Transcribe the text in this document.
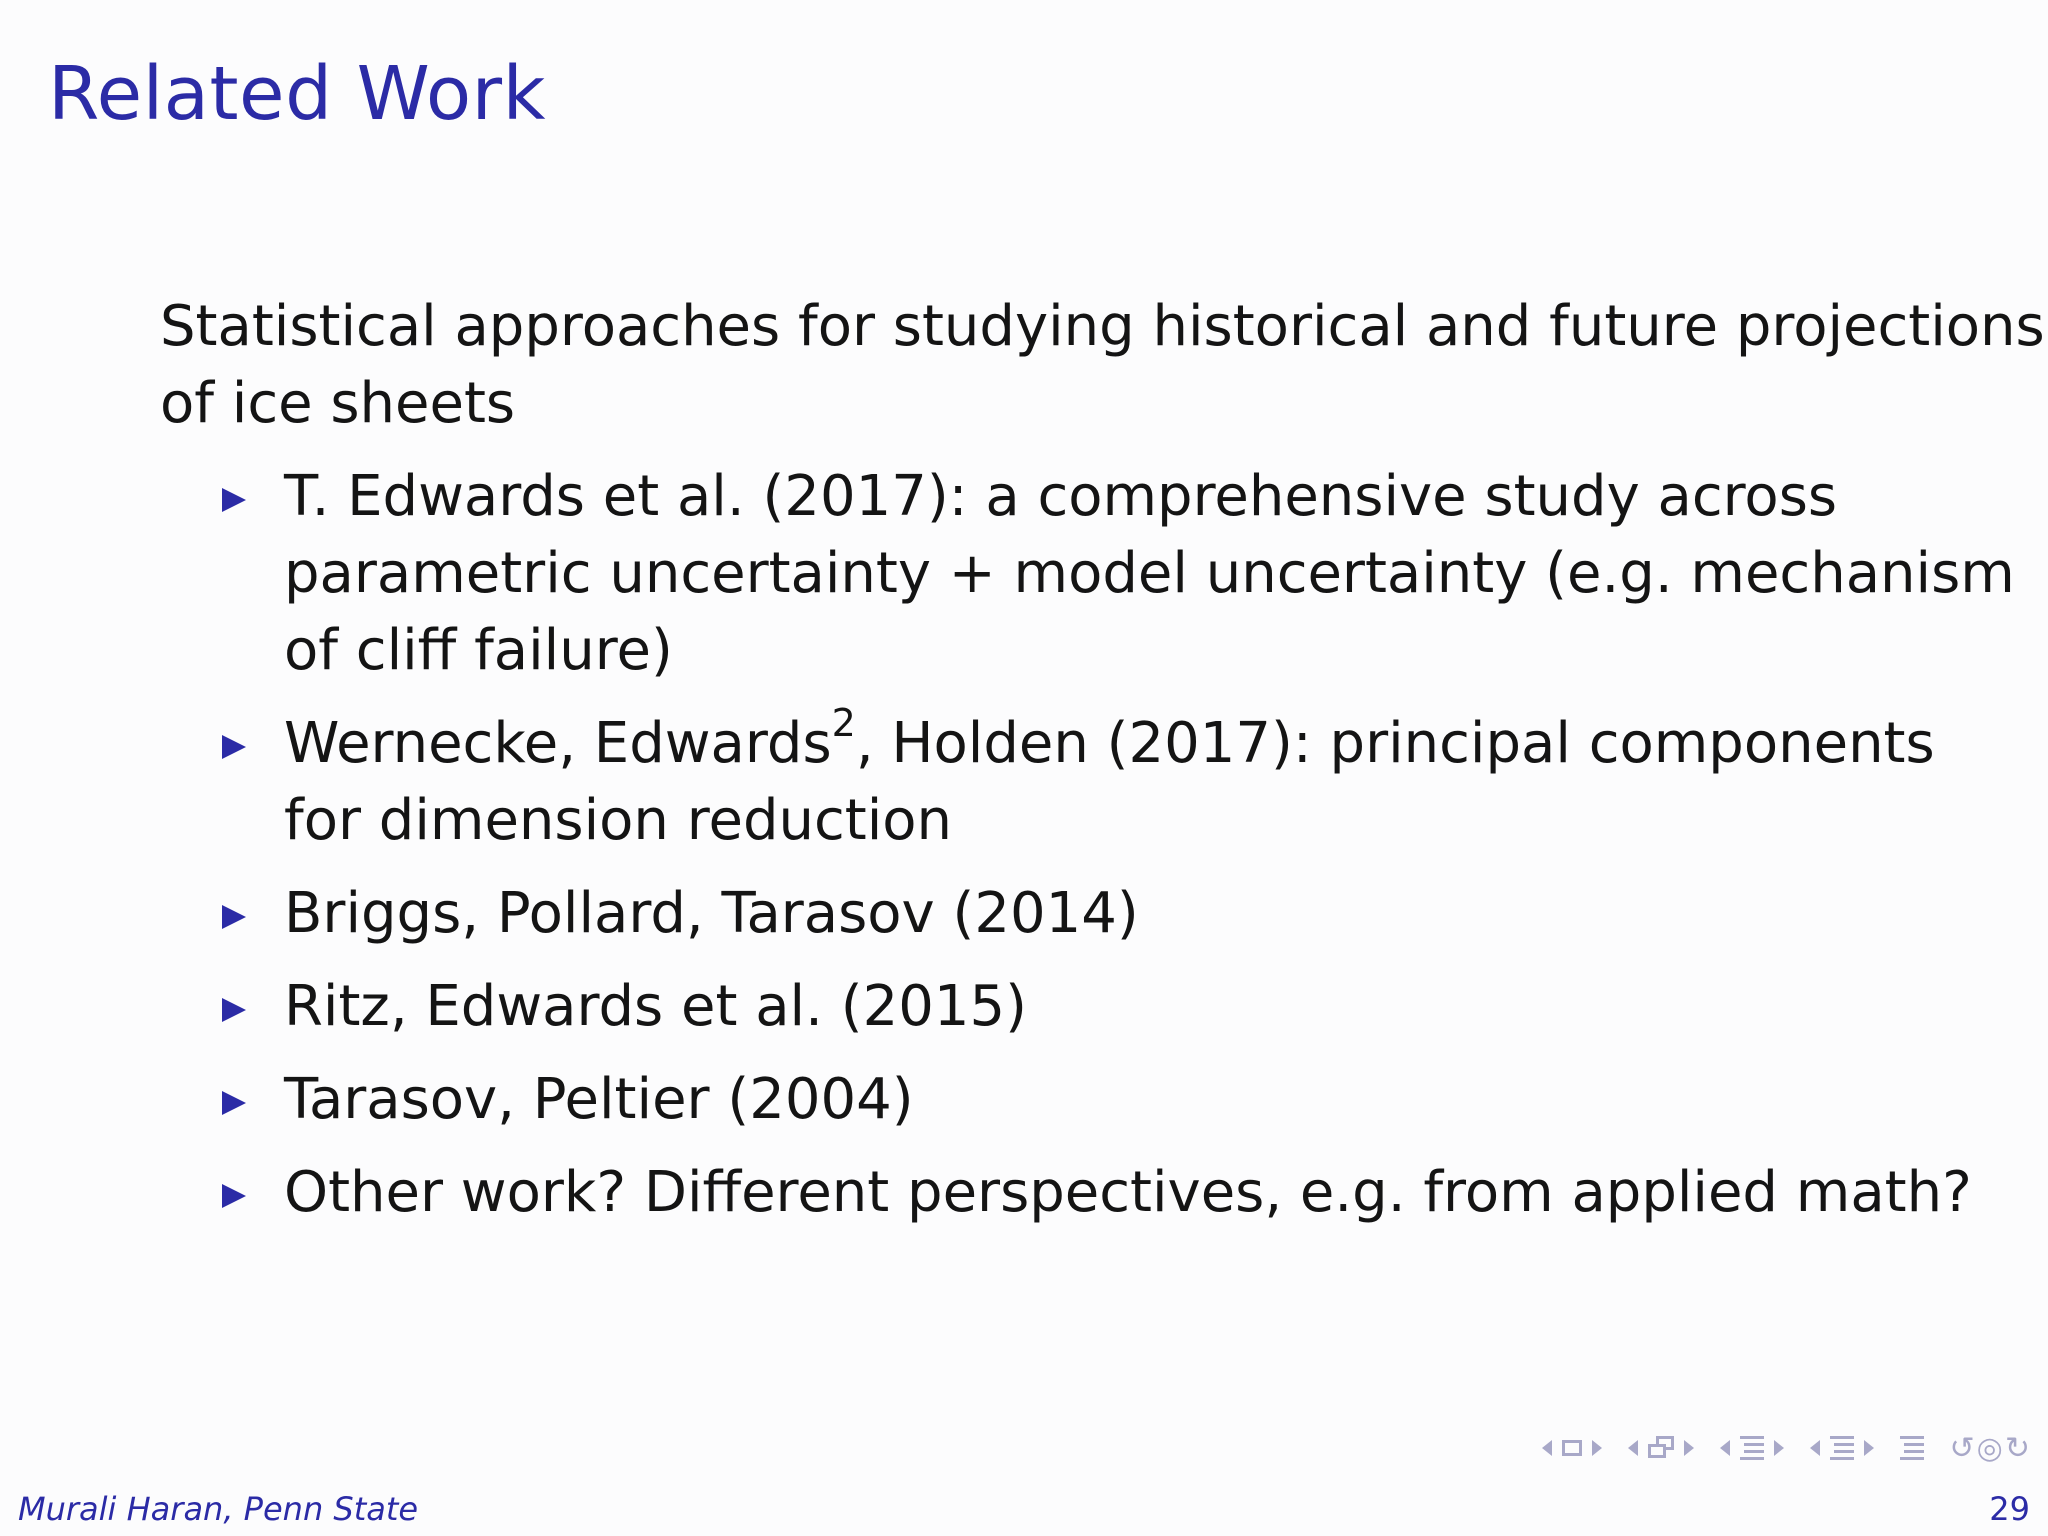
Related Work

Statistical approaches for studying historical and future projections
of ice sheets

T. Edwards et al. (2017): a comprehensive study across
parametric uncertainty + model uncertainty (e.g. mechanism
of cliff failure)
Wernecke, Edwards$^2$, Holden (2017): principal components
for dimension reduction
Briggs, Pollard, Tarasov (2014)
Ritz, Edwards et al. (2015)
Tarasov, Peltier (2004)
Other work? Different perspectives, e.g. from applied math?
↺◎↻
Murali Haran, Penn State	29
